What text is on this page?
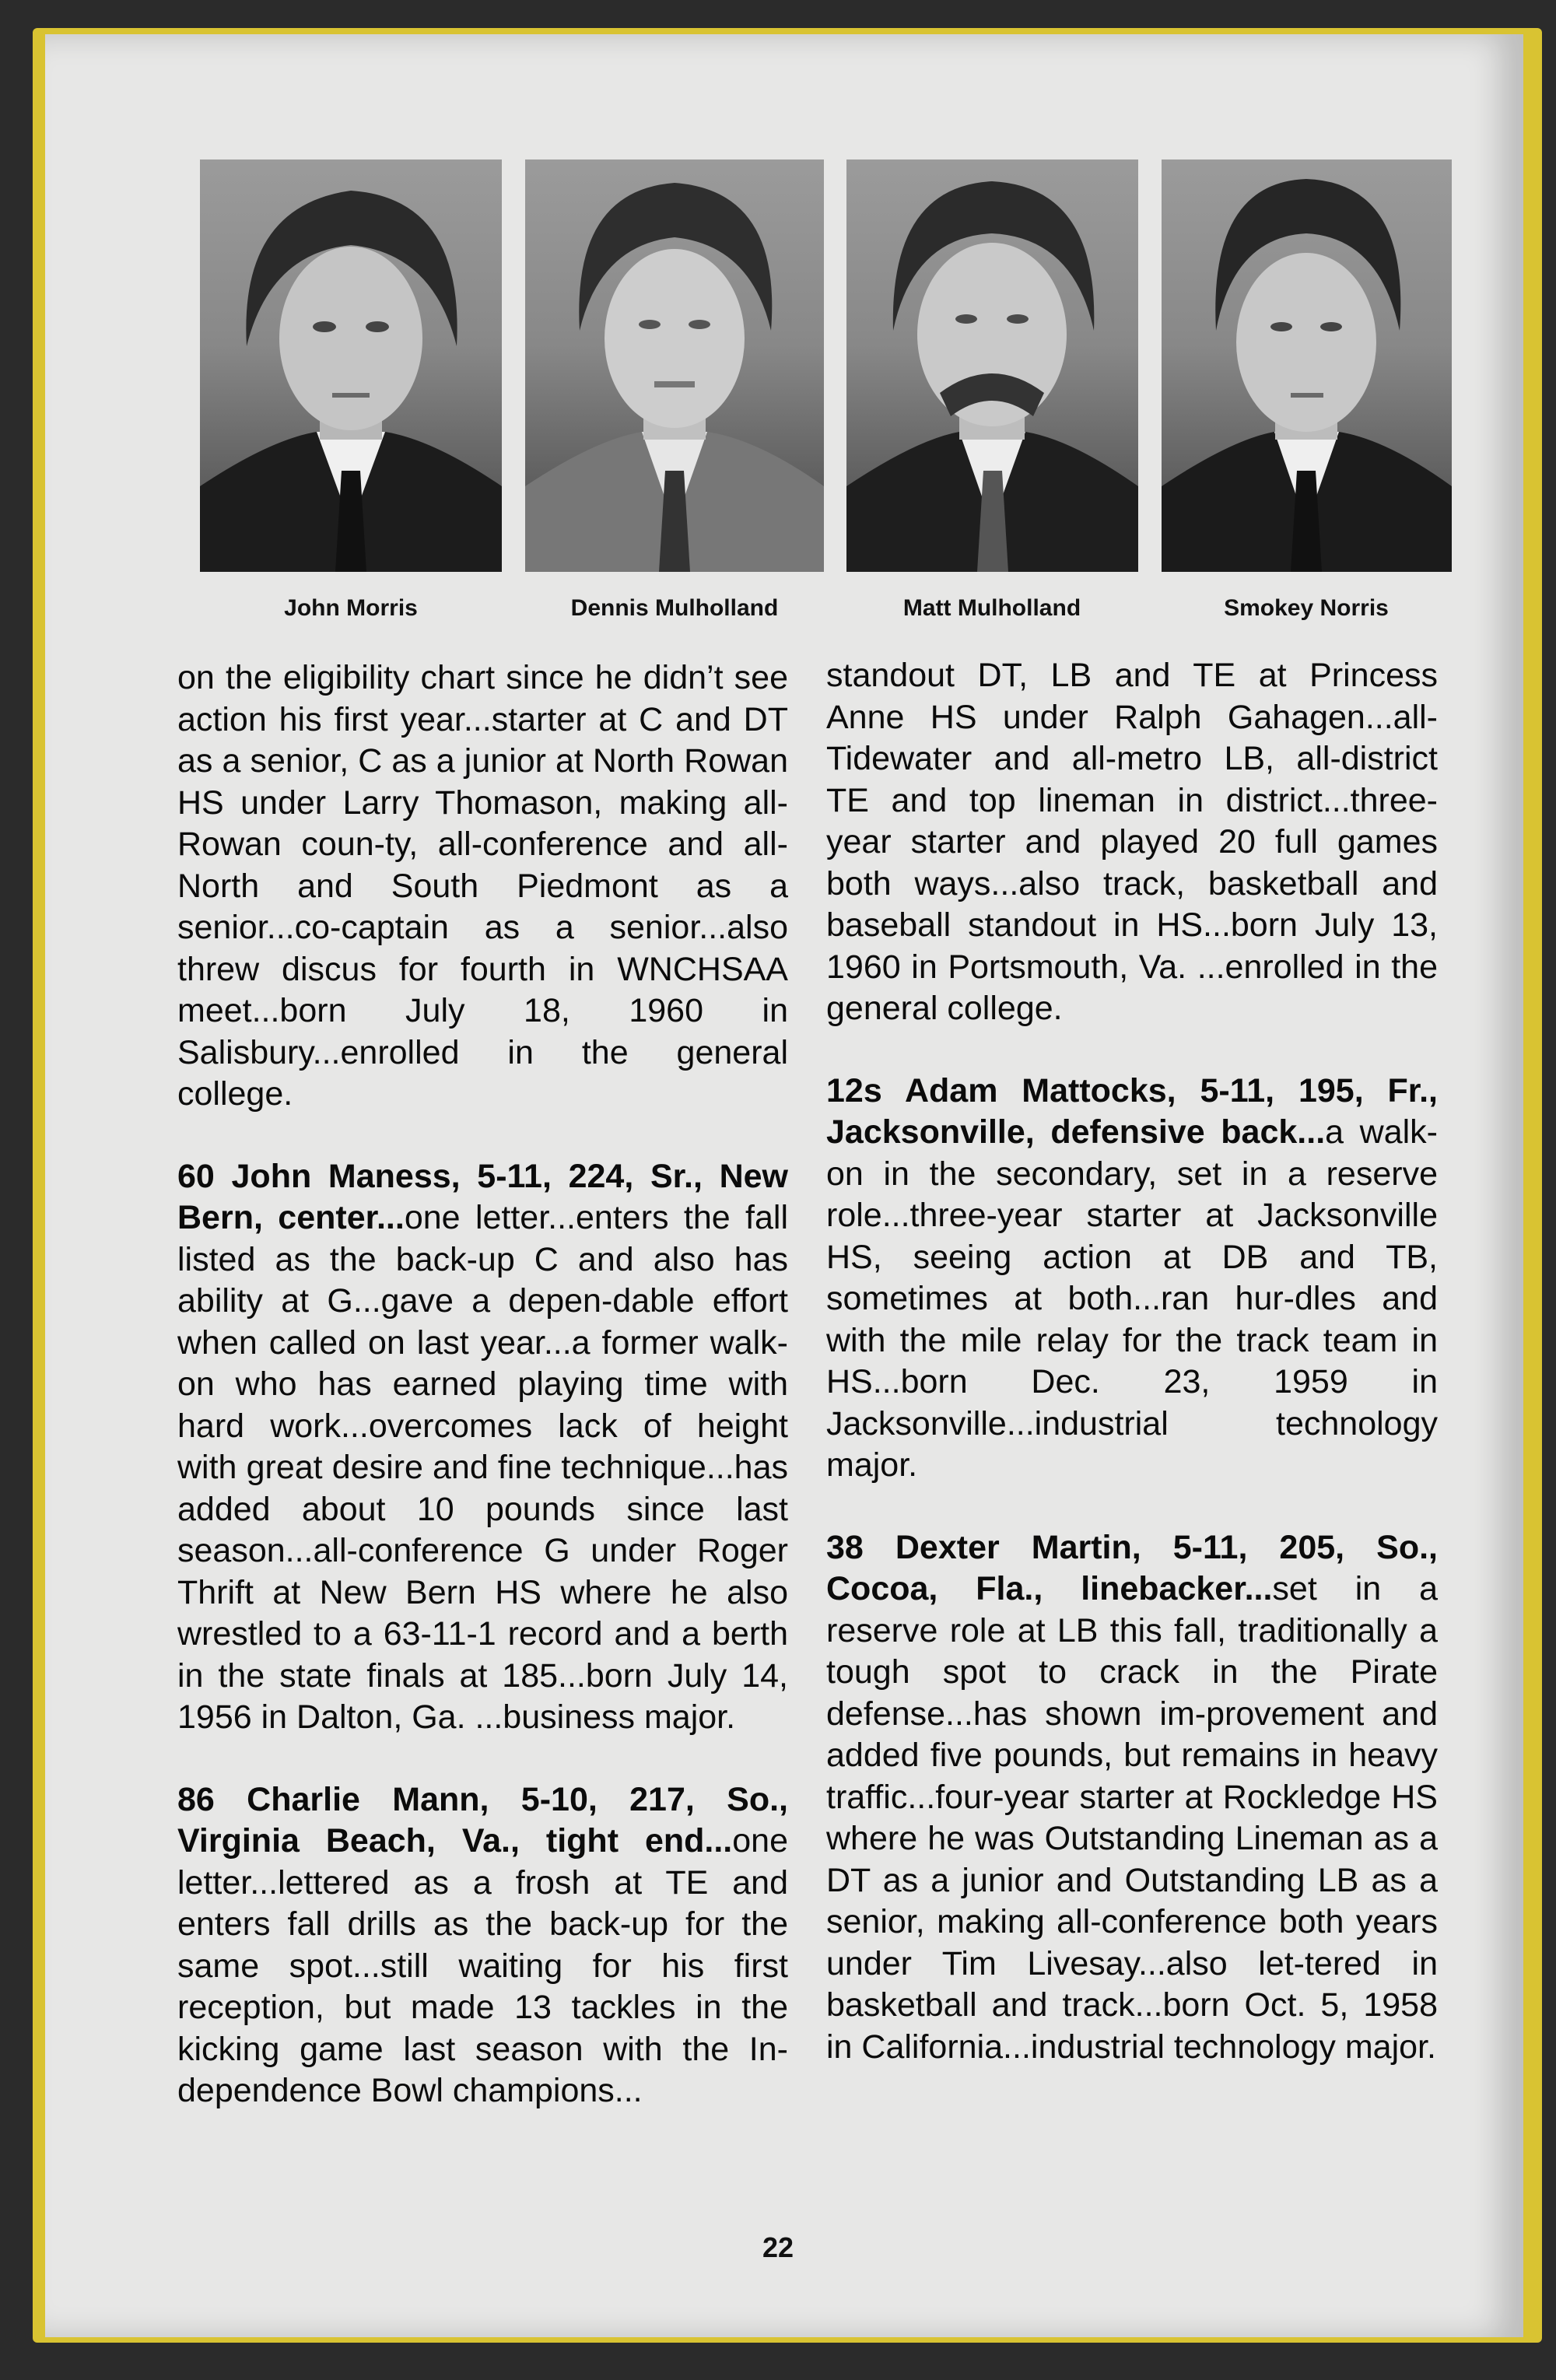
John Morris	Dennis Mulholland	Matt Mulholland	Smokey Norris

on the eligibility chart since he didn’t see action his first year...starter at C and DT as a senior, C as a junior at North Rowan HS under Larry Thomason, making all-Rowan coun-ty, all-conference and all-North and South Piedmont as a senior...co-captain as a senior...also threw discus for fourth in WNCHSAA meet...born July 18, 1960 in Salisbury...enrolled in the general college.

60 John Maness, 5-11, 224, Sr., New Bern, center...one letter...enters the fall listed as the back-up C and also has ability at G...gave a depen-dable effort when called on last year...a former walk-on who has earned playing time with hard work...overcomes lack of height with great desire and fine technique...has added about 10 pounds since last season...all-conference G under Roger Thrift at New Bern HS where he also wrestled to a 63-11-1 record and a berth in the state finals at 185...born July 14, 1956 in Dalton, Ga. ...business major.

86 Charlie Mann, 5-10, 217, So., Virginia Beach, Va., tight end...one letter...lettered as a frosh at TE and enters fall drills as the back-up for the same spot...still waiting for his first reception, but made 13 tackles in the kicking game last season with the In-dependence Bowl champions...

standout DT, LB and TE at Princess Anne HS under Ralph Gahagen...all-Tidewater and all-metro LB, all-district TE and top lineman in district...three-year starter and played 20 full games both ways...also track, basketball and baseball standout in HS...born July 13, 1960 in Portsmouth, Va. ...enrolled in the general college.

12s Adam Mattocks, 5-11, 195, Fr., Jacksonville, defensive back...a walk-on in the secondary, set in a reserve role...three-year starter at Jacksonville HS, seeing action at DB and TB, sometimes at both...ran hur-dles and with the mile relay for the track team in HS...born Dec. 23, 1959 in Jacksonville...industrial technology major.

38 Dexter Martin, 5-11, 205, So., Cocoa, Fla., linebacker...set in a reserve role at LB this fall, traditionally a tough spot to crack in the Pirate defense...has shown im-provement and added five pounds, but remains in heavy traffic...four-year starter at Rockledge HS where he was Outstanding Lineman as a DT as a junior and Outstanding LB as a senior, making all-conference both years under Tim Livesay...also let-tered in basketball and track...born Oct. 5, 1958 in California...industrial technology major.

22
